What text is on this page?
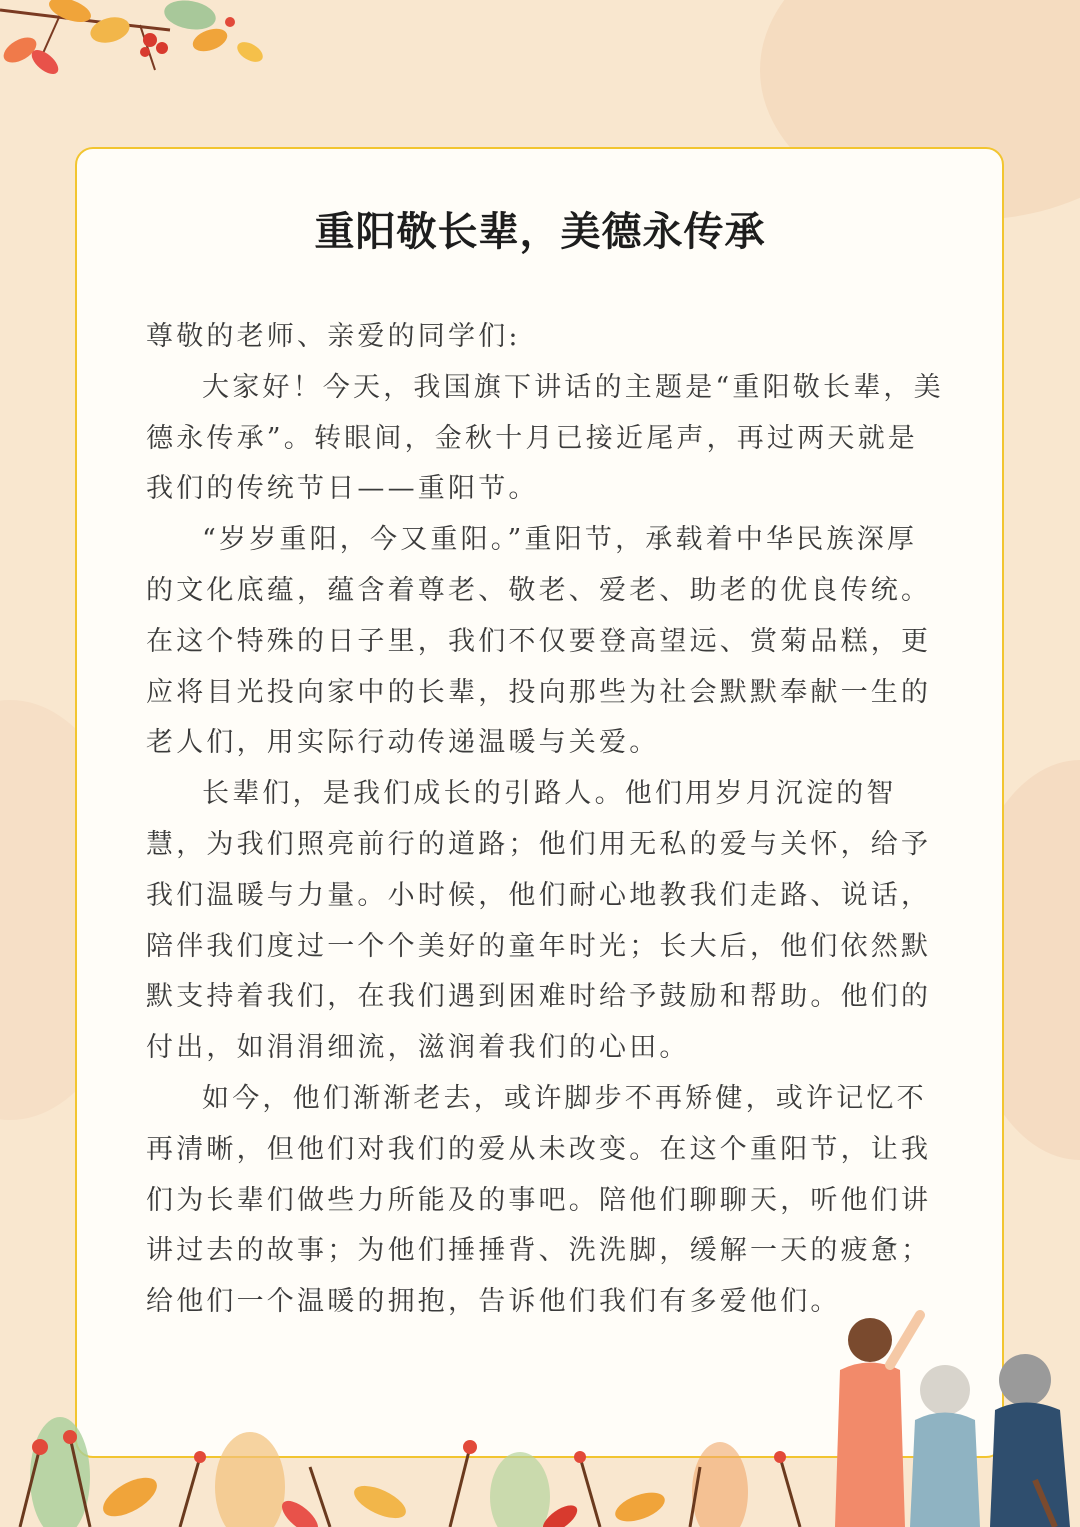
重阳敬长辈，美德永传承

尊敬的老师、亲爱的同学们:

大家好！今天，我国旗下讲话的主题是“重阳敬长辈，美德永传承”。转眼间，金秋十月已接近尾声，再过两天就是我们的传统节日——重阳节。

“岁岁重阳，今又重阳。”重阳节，承载着中华民族深厚的文化底蕴，蕴含着尊老、敬老、爱老、助老的优良传统。在这个特殊的日子里，我们不仅要登高望远、赏菊品糕，更应将目光投向家中的长辈，投向那些为社会默默奉献一生的老人们，用实际行动传递温暖与关爱。

长辈们，是我们成长的引路人。他们用岁月沉淀的智慧，为我们照亮前行的道路；他们用无私的爱与关怀，给予我们温暖与力量。小时候，他们耐心地教我们走路、说话，陪伴我们度过一个个美好的童年时光；长大后，他们依然默默支持着我们，在我们遇到困难时给予鼓励和帮助。他们的付出，如涓涓细流，滋润着我们的心田。

如今，他们渐渐老去，或许脚步不再矫健，或许记忆不再清晰，但他们对我们的爱从未改变。在这个重阳节，让我们为长辈们做些力所能及的事吧。陪他们聊聊天，听他们讲讲过去的故事；为他们捶捶背、洗洗脚，缓解一天的疲惫；给他们一个温暖的拥抱，告诉他们我们有多爱他们。
